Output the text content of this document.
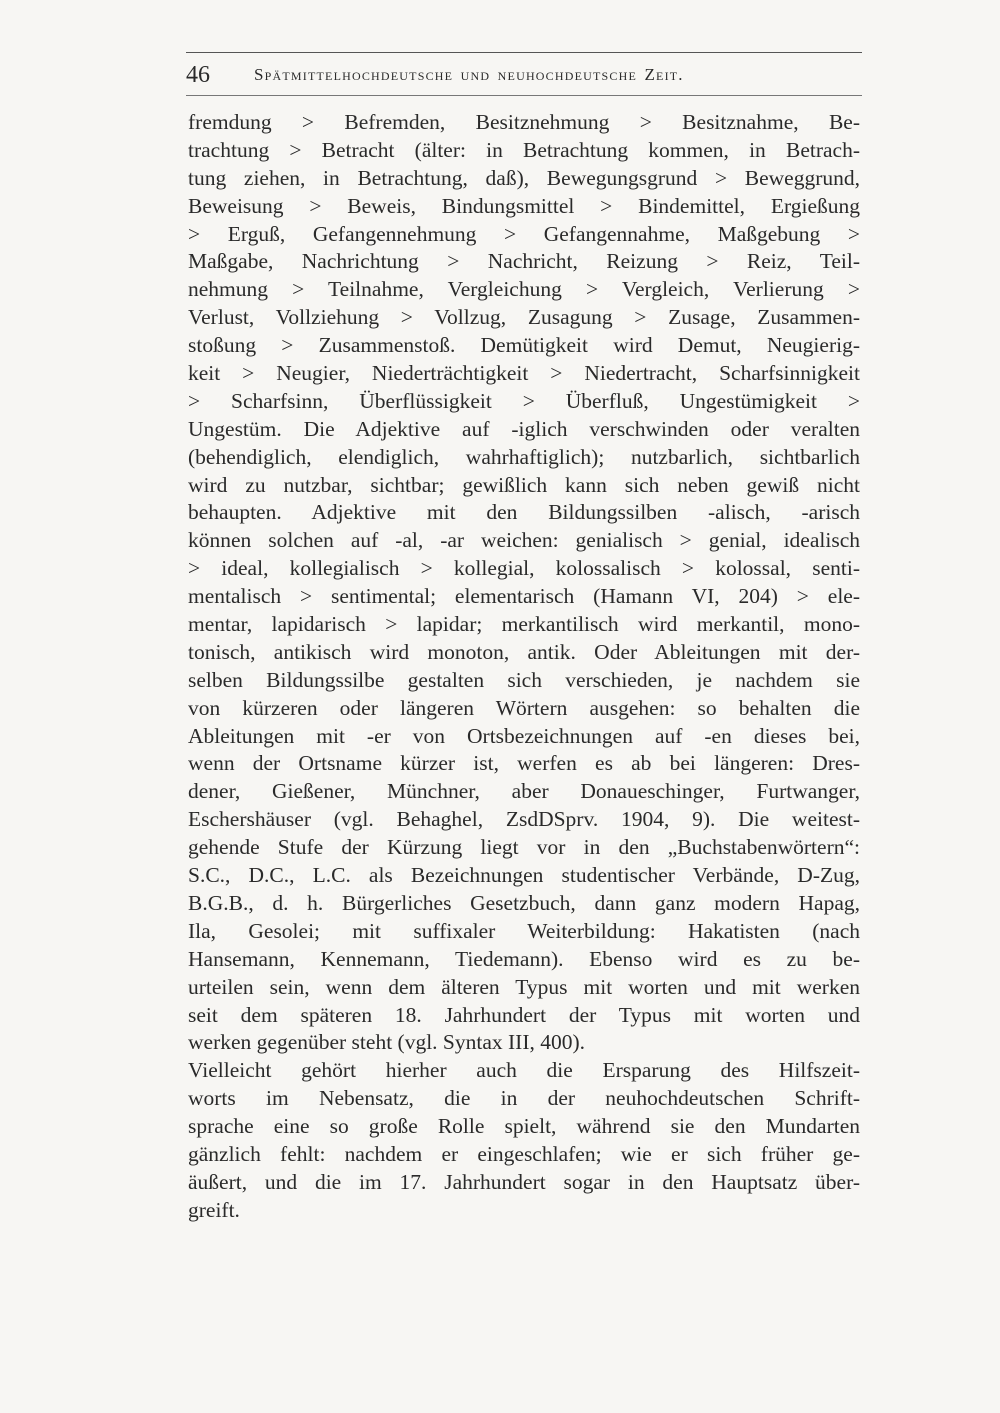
46	Spätmittelhochdeutsche und neuhochdeutsche Zeit.
fremdung > Befremden, Besitznehmung > Besitznahme, Be-
trachtung > Betracht (älter: in Betrachtung kommen, in Betrach-
tung ziehen, in Betrachtung, daß), Bewegungsgrund > Beweggrund,
Beweisung > Beweis, Bindungsmittel > Bindemittel, Ergießung
> Erguß, Gefangennehmung > Gefangennahme, Maßgebung >
Maßgabe, Nachrichtung > Nachricht, Reizung > Reiz, Teil-
nehmung > Teilnahme, Vergleichung > Vergleich, Verlierung >
Verlust, Vollziehung > Vollzug, Zusagung > Zusage, Zusammen-
stoßung > Zusammenstoß. Demütigkeit wird Demut, Neugierig-
keit > Neugier, Niederträchtigkeit > Niedertracht, Scharfsinnigkeit
> Scharfsinn, Überflüssigkeit > Überfluß, Ungestümigkeit >
Ungestüm. Die Adjektive auf -iglich verschwinden oder veralten
(behendiglich, elendiglich, wahrhaftiglich); nutzbarlich, sichtbarlich
wird zu nutzbar, sichtbar; gewißlich kann sich neben gewiß nicht
behaupten. Adjektive mit den Bildungssilben -alisch, -arisch
können solchen auf -al, -ar weichen: genialisch > genial, idealisch
> ideal, kollegialisch > kollegial, kolossalisch > kolossal, senti-
mentalisch > sentimental; elementarisch (Hamann VI, 204) > ele-
mentar, lapidarisch > lapidar; merkantilisch wird merkantil, mono-
tonisch, antikisch wird monoton, antik. Oder Ableitungen mit der-
selben Bildungssilbe gestalten sich verschieden, je nachdem sie
von kürzeren oder längeren Wörtern ausgehen: so behalten die
Ableitungen mit -er von Ortsbezeichnungen auf -en dieses bei,
wenn der Ortsname kürzer ist, werfen es ab bei längeren: Dres-
dener, Gießener, Münchner, aber Donaueschinger, Furtwanger,
Eschershäuser (vgl. Behaghel, ZsdDSprv. 1904, 9). Die weitest-
gehende Stufe der Kürzung liegt vor in den „Buchstabenwörtern“:
S.C., D.C., L.C. als Bezeichnungen studentischer Verbände, D-Zug,
B.G.B., d. h. Bürgerliches Gesetzbuch, dann ganz modern Hapag,
Ila, Gesolei; mit suffixaler Weiterbildung: Hakatisten (nach
Hansemann, Kennemann, Tiedemann). Ebenso wird es zu be-
urteilen sein, wenn dem älteren Typus mit worten und mit werken
seit dem späteren 18. Jahrhundert der Typus mit worten und
werken gegenüber steht (vgl. Syntax III, 400).
Vielleicht gehört hierher auch die Ersparung des Hilfszeit-
worts im Nebensatz, die in der neuhochdeutschen Schrift-
sprache eine so große Rolle spielt, während sie den Mundarten
gänzlich fehlt: nachdem er eingeschlafen; wie er sich früher ge-
äußert, und die im 17. Jahrhundert sogar in den Hauptsatz über-
greift.
